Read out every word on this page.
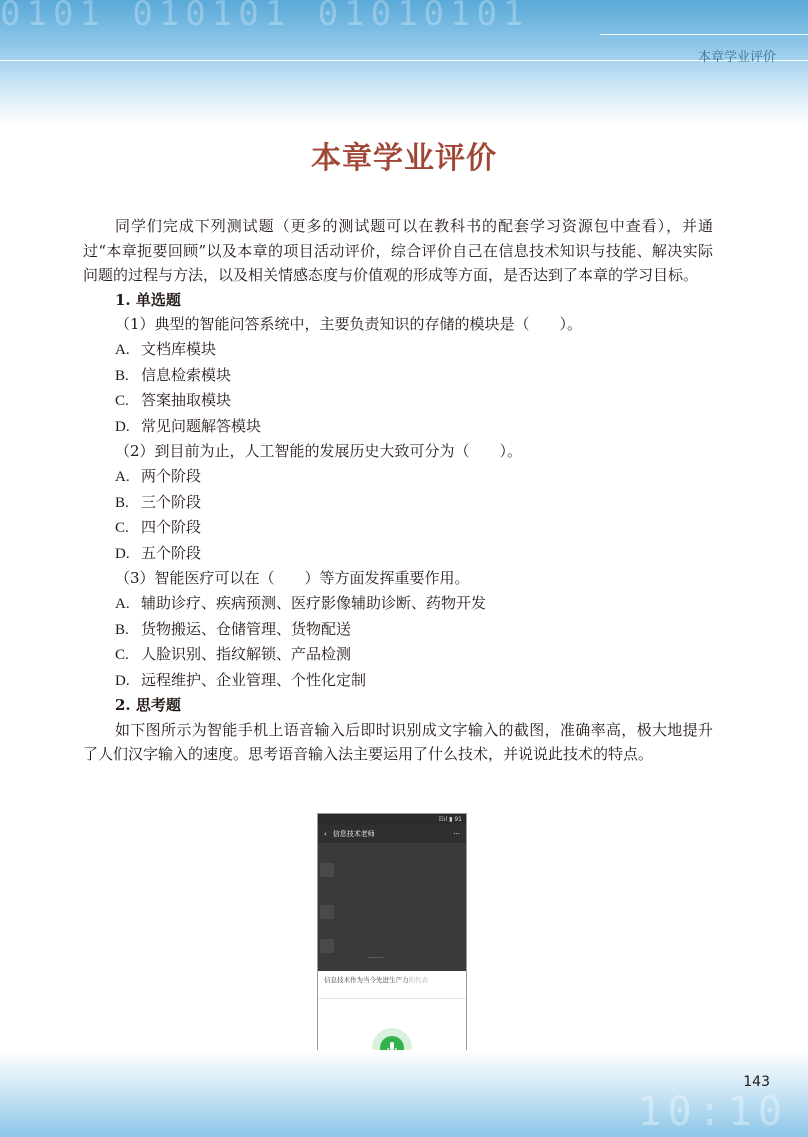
0101 010101 01010101
本章学业评价
本章学业评价

同学们完成下列测试题（更多的测试题可以在教科书的配套学习资源包中查看），并通过“本章扼要回顾”以及本章的项目活动评价，综合评价自己在信息技术知识与技能、解决实际问题的过程与方法，以及相关情感态度与价值观的形成等方面，是否达到了本章的学习目标。

1. 单选题

（1）典型的智能问答系统中，主要负责知识的存储的模块是（　　）。

A. 文档库模块

B. 信息检索模块

C. 答案抽取模块

D. 常见问题解答模块

（2）到目前为止，人工智能的发展历史大致可分为（　　）。

A. 两个阶段

B. 三个阶段

C. 四个阶段

D. 五个阶段

（3）智能医疗可以在（　　）等方面发挥重要作用。

A. 辅助诊疗、疾病预测、医疗影像辅助诊断、药物开发

B. 货物搬运、仓储管理、货物配送

C. 人脸识别、指纹解锁、产品检测

D. 远程维护、企业管理、个性化定制

2. 思考题

如下图所示为智能手机上语音输入后即时识别成文字输入的截图，准确率高，极大地提升了人们汉字输入的速度。思考语音输入法主要运用了什么技术，并说说此技术的特点。

☷ıl ▮ 91
‹ 信息技术老师	···
─────
信息技术作为当今先进生产力的代表
10:10
143
